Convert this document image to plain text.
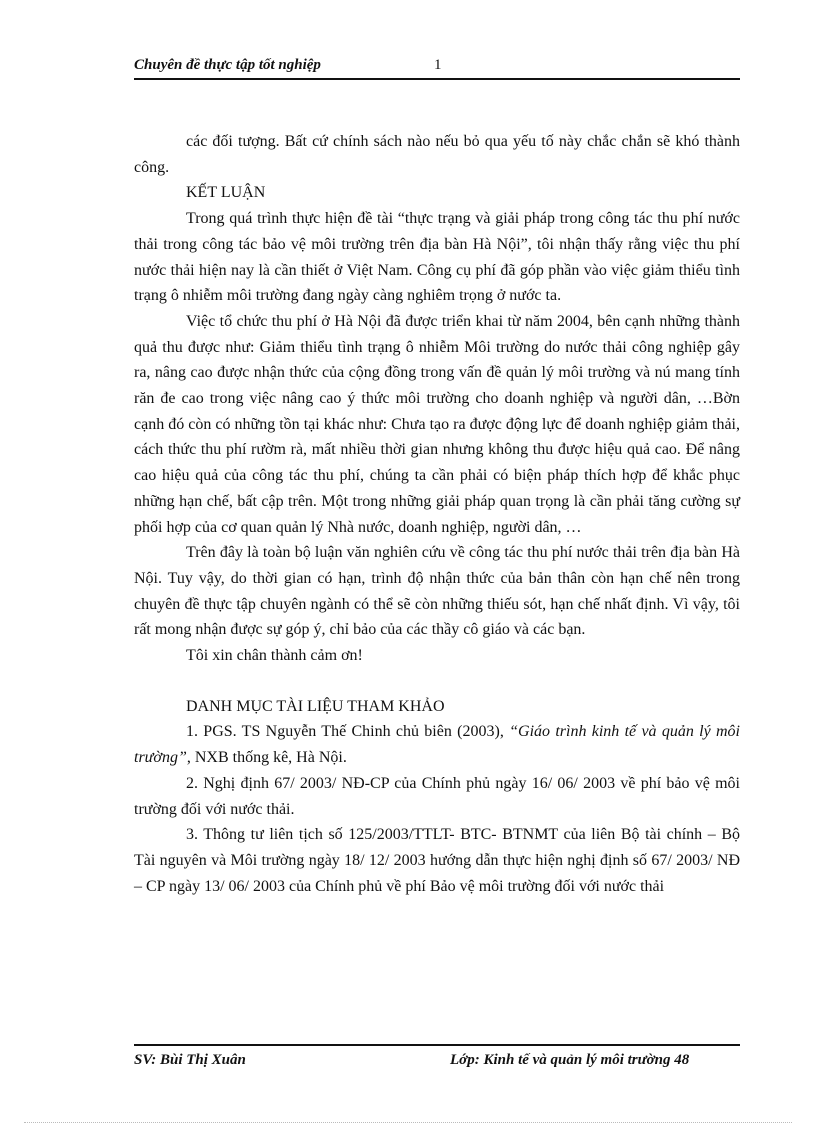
Chuyên đề thực tập tốt nghiệp	1

các đối tượng. Bất cứ chính sách nào nếu bỏ qua yếu tố này chắc chắn sẽ khó thành công.

KẾT LUẬN

Trong quá trình thực hiện đề tài “thực trạng và giải pháp trong công tác thu phí nước thải trong công tác bảo vệ môi trường trên địa bàn Hà Nội”, tôi nhận thấy rằng việc thu phí nước thải hiện nay là cần thiết ở Việt Nam. Công cụ phí đã góp phần vào việc giảm thiểu tình trạng ô nhiễm môi trường đang ngày càng nghiêm trọng ở nước ta.

Việc tổ chức thu phí ở Hà Nội đã được triển khai từ năm 2004, bên cạnh những thành quả thu được như: Giảm thiểu tình trạng ô nhiễm Môi trường do nước thải công nghiệp gây ra, nâng cao được nhận thức của cộng đồng trong vấn đề quản lý môi trường và nú mang tính răn đe cao trong việc nâng cao ý thức môi trường cho doanh nghiệp và người dân, …Bờn cạnh đó còn có những tồn tại khác như: Chưa tạo ra được động lực để doanh nghiệp giảm thải, cách thức thu phí rườm rà, mất nhiều thời gian nhưng không thu được hiệu quả cao. Để nâng cao hiệu quả của công tác thu phí, chúng ta cần phải có biện pháp thích hợp để khắc phục những hạn chế, bất cập trên. Một trong những giải pháp quan trọng là cần phải tăng cường sự phối hợp của cơ quan quản lý Nhà nước, doanh nghiệp, người dân, …

Trên đây là toàn bộ luận văn nghiên cứu về công tác thu phí nước thải trên địa bàn Hà Nội. Tuy vậy, do thời gian có hạn, trình độ nhận thức của bản thân còn hạn chế nên trong chuyên đề thực tập chuyên ngành có thể sẽ còn những thiếu sót, hạn chế nhất định. Vì vậy, tôi rất mong nhận được sự góp ý, chỉ bảo của các thầy cô giáo và các bạn.

Tôi xin chân thành cảm ơn!

DANH MỤC TÀI LIỆU THAM KHẢO

1. PGS. TS Nguyễn Thế Chinh chủ biên (2003), “Giáo trình kinh tế và quản lý môi trường”, NXB thống kê, Hà Nội.

2. Nghị định 67/ 2003/ NĐ-CP của Chính phủ ngày 16/ 06/ 2003 về phí bảo vệ môi trường đối với nước thải.

3. Thông tư liên tịch số 125/2003/TTLT- BTC- BTNMT của liên Bộ tài chính – Bộ Tài nguyên và Môi trường ngày 18/ 12/ 2003 hướng dẫn thực hiện nghị định số 67/ 2003/ NĐ – CP ngày 13/ 06/ 2003 của Chính phủ về phí Bảo vệ môi trường đối với nước thải

SV: Bùi Thị Xuân	Lớp: Kinh tế và quản lý môi trường 48
